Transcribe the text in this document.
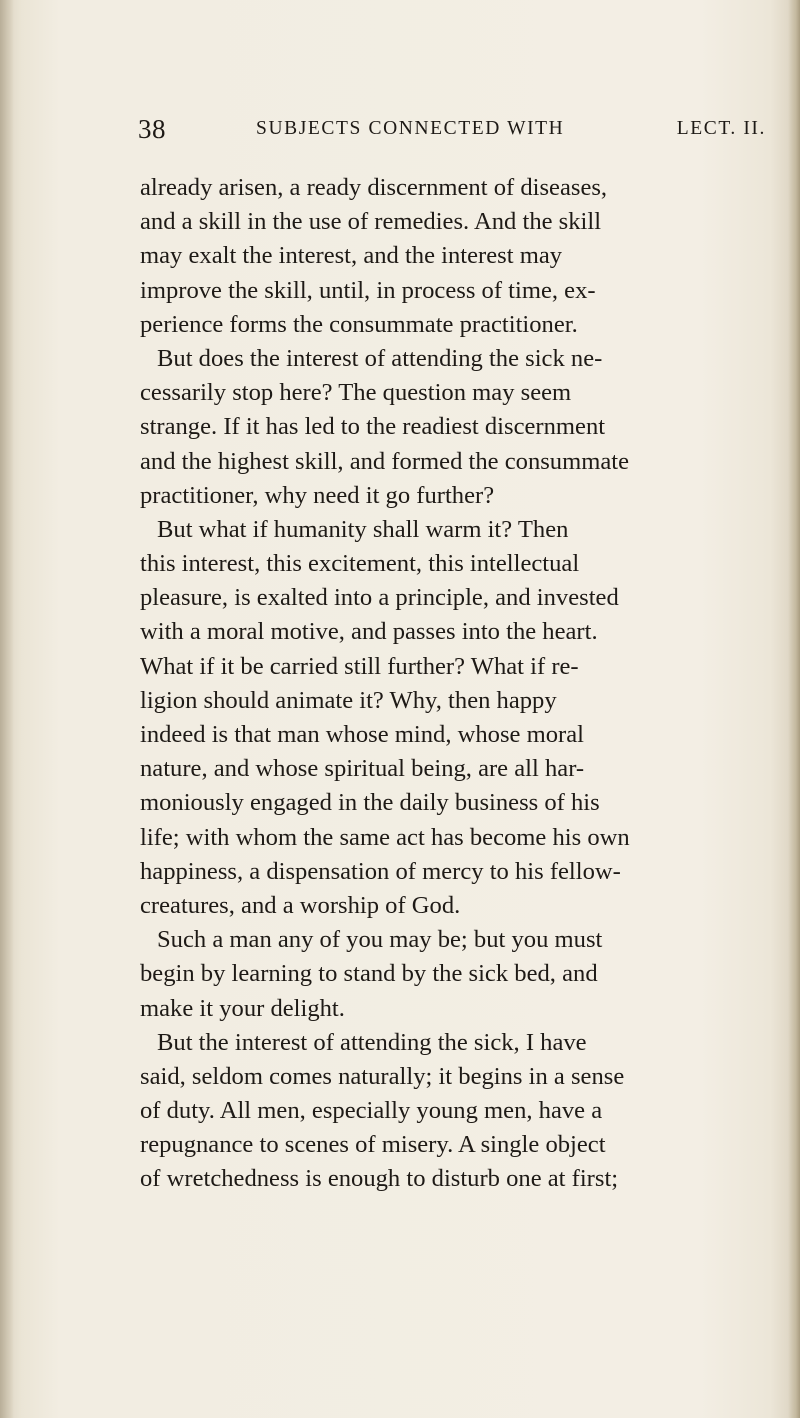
38	SUBJECTS CONNECTED WITH	LECT. II.
already arisen, a ready discernment of diseases,
and a skill in the use of remedies. And the skill
may exalt the interest, and the interest may
improve the skill, until, in process of time, ex-
perience forms the consummate practitioner.
But does the interest of attending the sick ne-
cessarily stop here? The question may seem
strange. If it has led to the readiest discernment
and the highest skill, and formed the consummate
practitioner, why need it go further?
But what if humanity shall warm it? Then
this interest, this excitement, this intellectual
pleasure, is exalted into a principle, and invested
with a moral motive, and passes into the heart.
What if it be carried still further? What if re-
ligion should animate it? Why, then happy
indeed is that man whose mind, whose moral
nature, and whose spiritual being, are all har-
moniously engaged in the daily business of his
life; with whom the same act has become his own
happiness, a dispensation of mercy to his fellow-
creatures, and a worship of God.
Such a man any of you may be; but you must
begin by learning to stand by the sick bed, and
make it your delight.
But the interest of attending the sick, I have
said, seldom comes naturally; it begins in a sense
of duty. All men, especially young men, have a
repugnance to scenes of misery. A single object
of wretchedness is enough to disturb one at first;
